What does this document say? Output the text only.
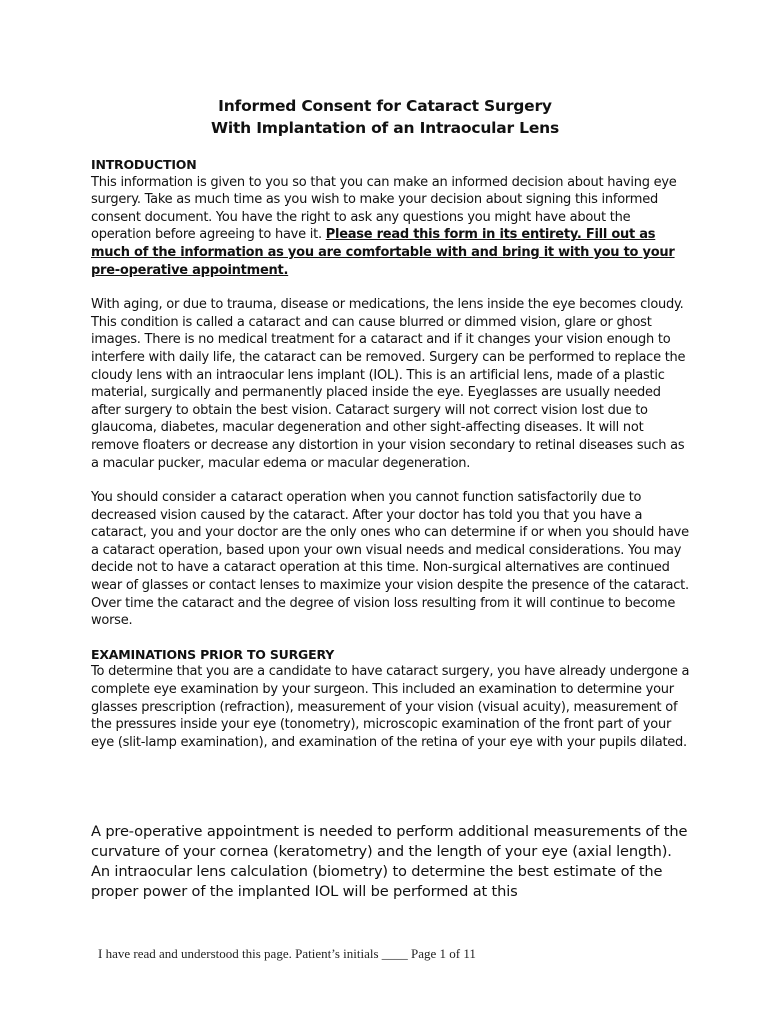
Informed Consent for Cataract Surgery
With Implantation of an Intraocular Lens

INTRODUCTION

This information is given to you so that you can make an informed decision about having eye surgery. Take as much time as you wish to make your decision about signing this informed consent document. You have the right to ask any questions you might have about the operation before agreeing to have it. Please read this form in its entirety. Fill out as much of the information as you are comfortable with and bring it with you to your pre-operative appointment.

With aging, or due to trauma, disease or medications, the lens inside the eye becomes cloudy. This condition is called a cataract and can cause blurred or dimmed vision, glare or ghost images. There is no medical treatment for a cataract and if it changes your vision enough to interfere with daily life, the cataract can be removed. Surgery can be performed to replace the cloudy lens with an intraocular lens implant (IOL). This is an artificial lens, made of a plastic material, surgically and permanently placed inside the eye. Eyeglasses are usually needed after surgery to obtain the best vision. Cataract surgery will not correct vision lost due to glaucoma, diabetes, macular degeneration and other sight-affecting diseases. It will not remove floaters or decrease any distortion in your vision secondary to retinal diseases such as a macular pucker, macular edema or macular degeneration.

You should consider a cataract operation when you cannot function satisfactorily due to decreased vision caused by the cataract. After your doctor has told you that you have a cataract, you and your doctor are the only ones who can determine if or when you should have a cataract operation, based upon your own visual needs and medical considerations. You may decide not to have a cataract operation at this time. Non-surgical alternatives are continued wear of glasses or contact lenses to maximize your vision despite the presence of the cataract. Over time the cataract and the degree of vision loss resulting from it will continue to become worse.

EXAMINATIONS PRIOR TO SURGERY

To determine that you are a candidate to have cataract surgery, you have already undergone a complete eye examination by your surgeon. This included an examination to determine your glasses prescription (refraction), measurement of your vision (visual acuity), measurement of the pressures inside your eye (tonometry), microscopic examination of the front part of your eye (slit-lamp examination), and examination of the retina of your eye with your pupils dilated.

A pre-operative appointment is needed to perform additional measurements of the curvature of your cornea (keratometry) and the length of your eye (axial length). An intraocular lens calculation (biometry) to determine the best estimate of the proper power of the implanted IOL will be performed at this

I have read and understood this page. Patient’s initials ____ Page 1 of 11
